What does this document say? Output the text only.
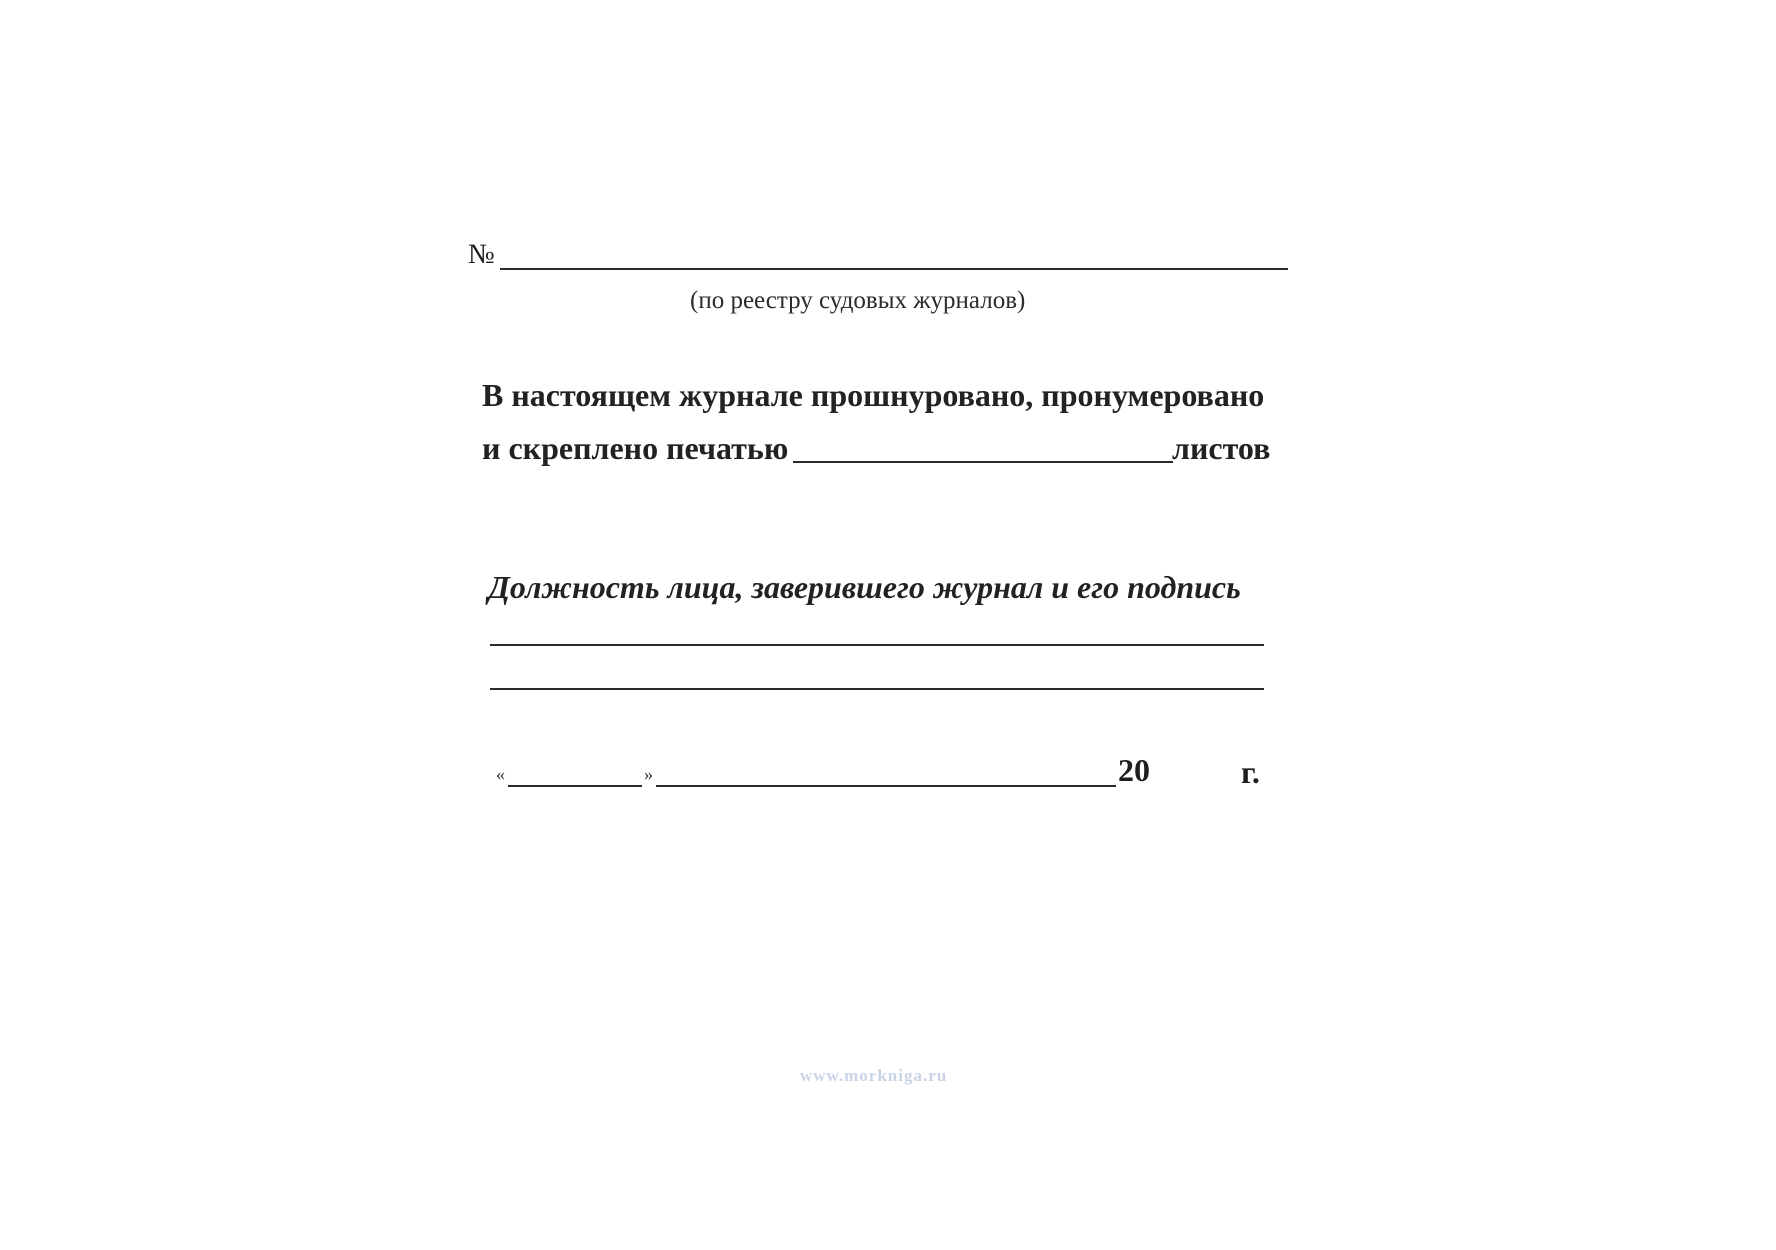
№
(по реестру судовых журналов)
В настоящем журнале прошнуровано, пронумеровано
и скреплено печатью	листов
Должность лица, заверившего журнал и его подпись
«	»	20	г.
www.morkniga.ru
